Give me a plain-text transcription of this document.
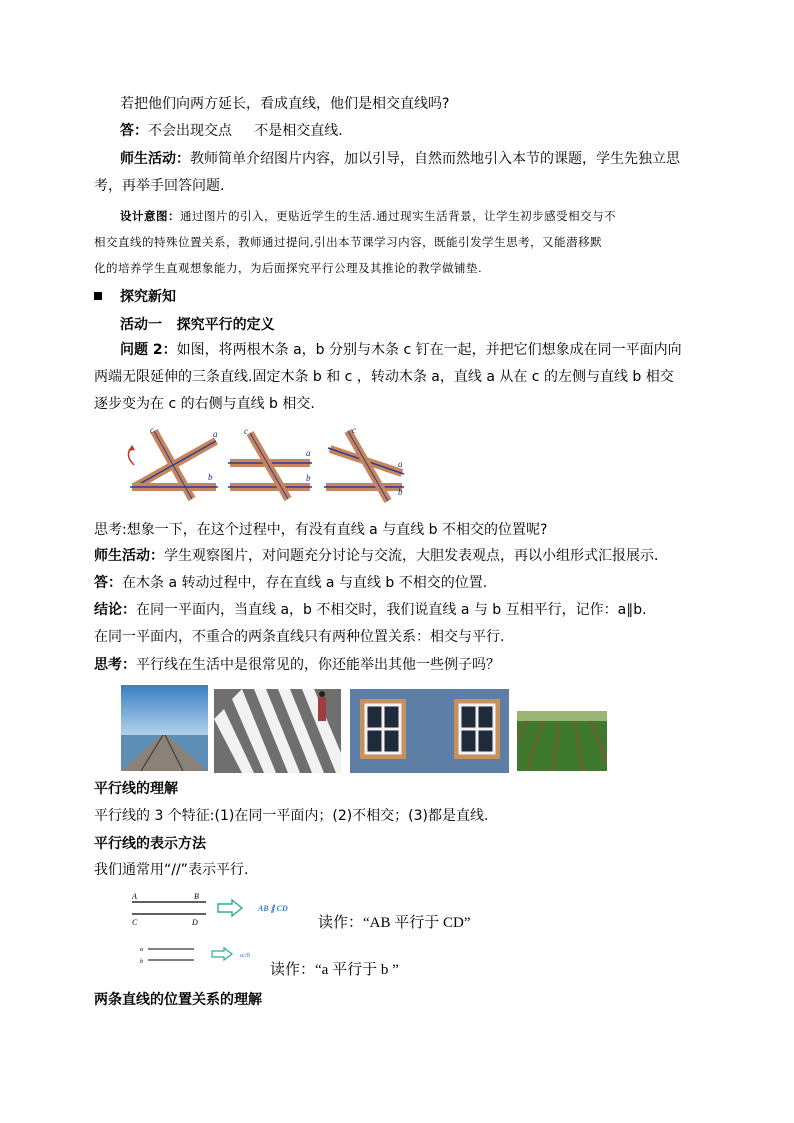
若把他们向两方延长，看成直线，他们是相交直线吗?
答：不会出现交点     不是相交直线.
师生活动：教师简单介绍图片内容，加以引导，自然而然地引入本节的课题，学生先独立思
考，再举手回答问题．
设计意图：通过图片的引入，更贴近学生的生活.通过现实生活背景，让学生初步感受相交与不
相交直线的特殊位置关系，教师通过提问,引出本节课学习内容，既能引发学生思考，又能潜移默
化的培养学生直观想象能力，为后面探究平行公理及其推论的教学做铺垫.
探究新知
活动一   探究平行的定义
问题 2：如图，将两根木条 a，b 分别与木条 c 钉在一起，并把它们想象成在同一平面内向
两端无限延伸的三条直线.固定木条 b 和 c ，转动木条 a，直线 a 从在 c 的左侧与直线 b 相交
逐步变为在 c 的右侧与直线 b 相交.
c	a
b
c
a
b
c
a
b
思考:想象一下，在这个过程中，有没有直线 a 与直线 b 不相交的位置呢?
师生活动：学生观察图片，对问题充分讨论与交流，大胆发表观点，再以小组形式汇报展示．
答：在木条 a 转动过程中，存在直线 a 与直线 b 不相交的位置.
结论：在同一平面内，当直线 a，b 不相交时，我们说直线 a 与 b 互相平行，记作：a∥b.
在同一平面内，不重合的两条直线只有两种位置关系：相交与平行.
思考：平行线在生活中是很常见的，你还能举出其他一些例子吗？
平行线的理解
平行线的 3 个特征:(1)在同一平面内；(2)不相交；(3)都是直线.
平行线的表示方法
我们通常用“//”表示平行.
A	B
C	D
AB ∥ CD
读作：“AB 平行于 CD”
a
b
a//b
读作：“a 平行于 b ”
两条直线的位置关系的理解
